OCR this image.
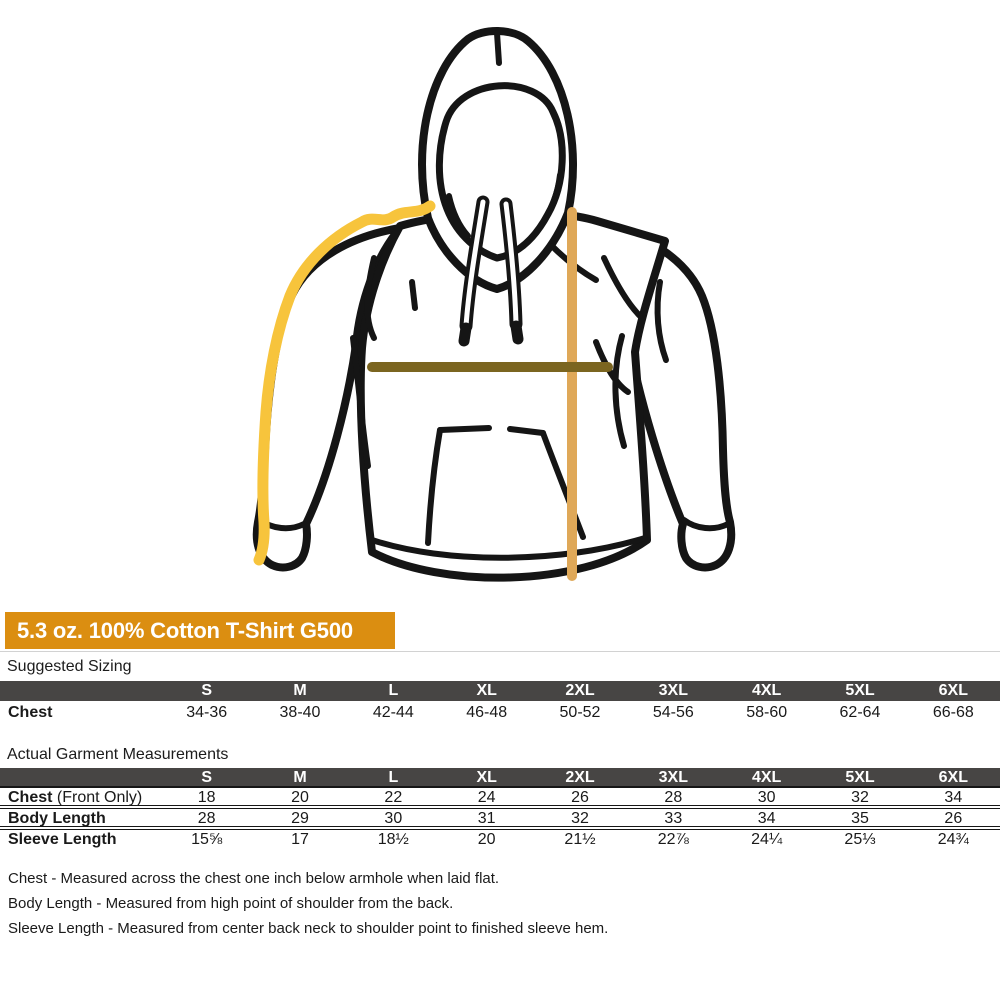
5.3 oz. 100% Cotton T-Shirt G500
Suggested Sizing
S	M	L	XL	2XL	3XL	4XL	5XL	6XL
Chest	34-36	38-40	42-44	46-48	50-52	54-56	58-60	62-64	66-68
Actual Garment Measurements
S	M	L	XL	2XL	3XL	4XL	5XL	6XL
Chest (Front Only)	18	20	22	24	26	28	30	32	34
Body Length	28	29	30	31	32	33	34	35	26
Sleeve Length	15⅝	17	18½	20	21½	22⅞	24¼	25⅓	24¾
Chest - Measured across the chest one inch below armhole when laid flat.
Body Length - Measured from high point of shoulder from the back.
Sleeve Length - Measured from center back neck to shoulder point to finished sleeve hem.
